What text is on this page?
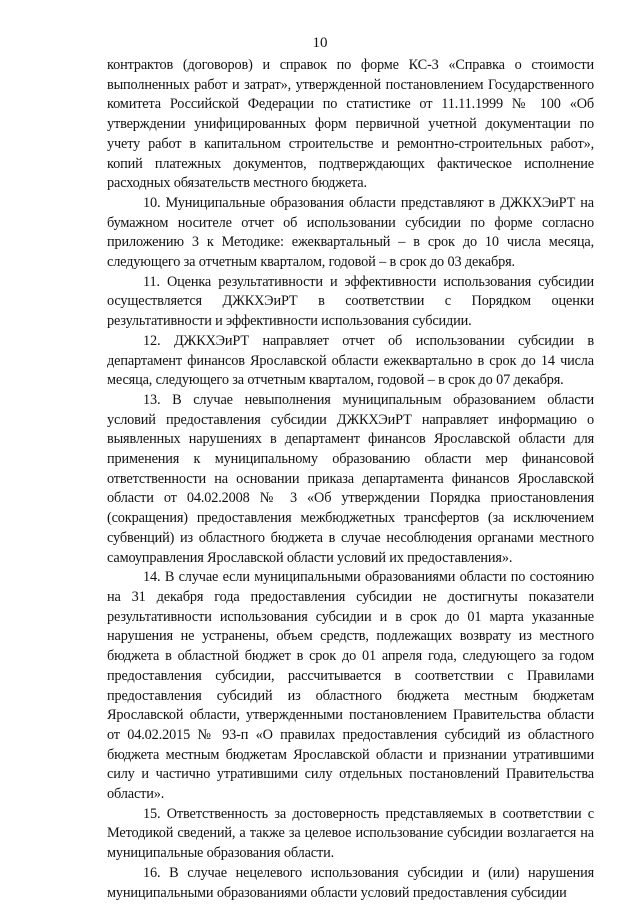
10

контрактов (договоров) и справок по форме КС-3 «Справка о стоимости выполненных работ и затрат», утвержденной постановлением Государственного комитета Российской Федерации по статистике от 11.11.1999 № 100 «Об утверждении унифицированных форм первичной учетной документации по учету работ в капитальном строительстве и ремонтно-строительных работ», копий платежных документов, подтверждающих фактическое исполнение расходных обязательств местного бюджета.

10. Муниципальные образования области представляют в ДЖКХЭиРТ на бумажном носителе отчет об использовании субсидии по форме согласно приложению 3 к Методике: ежеквартальный – в срок до 10 числа месяца, следующего за отчетным кварталом, годовой – в срок до 03 декабря.

11. Оценка результативности и эффективности использования субсидии осуществляется ДЖКХЭиРТ в соответствии с Порядком оценки результативности и эффективности использования субсидии.

12. ДЖКХЭиРТ направляет отчет об использовании субсидии в департамент финансов Ярославской области ежеквартально в срок до 14 числа месяца, следующего за отчетным кварталом, годовой – в срок до 07 декабря.

13. В случае невыполнения муниципальным образованием области условий предоставления субсидии ДЖКХЭиРТ направляет информацию о выявленных нарушениях в департамент финансов Ярославской области для применения к муниципальному образованию области мер финансовой ответственности на основании приказа департамента финансов Ярославской области от 04.02.2008 № 3 «Об утверждении Порядка приостановления (сокращения) предоставления межбюджетных трансфертов (за исключением субвенций) из областного бюджета в случае несоблюдения органами местного самоуправления Ярославской области условий их предоставления».

14. В случае если муниципальными образованиями области по состоянию на 31 декабря года предоставления субсидии не достигнуты показатели результативности использования субсидии и в срок до 01 марта указанные нарушения не устранены, объем средств, подлежащих возврату из местного бюджета в областной бюджет в срок до 01 апреля года, следующего за годом предоставления субсидии, рассчитывается в соответствии с Правилами предоставления субсидий из областного бюджета местным бюджетам Ярославской области, утвержденными постановлением Правительства области от 04.02.2015 № 93-п «О правилах предоставления субсидий из областного бюджета местным бюджетам Ярославской области и признании утратившими силу и частично утратившими силу отдельных постановлений Правительства области».

15. Ответственность за достоверность представляемых в соответствии с Методикой сведений, а также за целевое использование субсидии возлагается на муниципальные образования области.

16. В случае нецелевого использования субсидии и (или) нарушения муниципальными образованиями области условий предоставления субсидии
